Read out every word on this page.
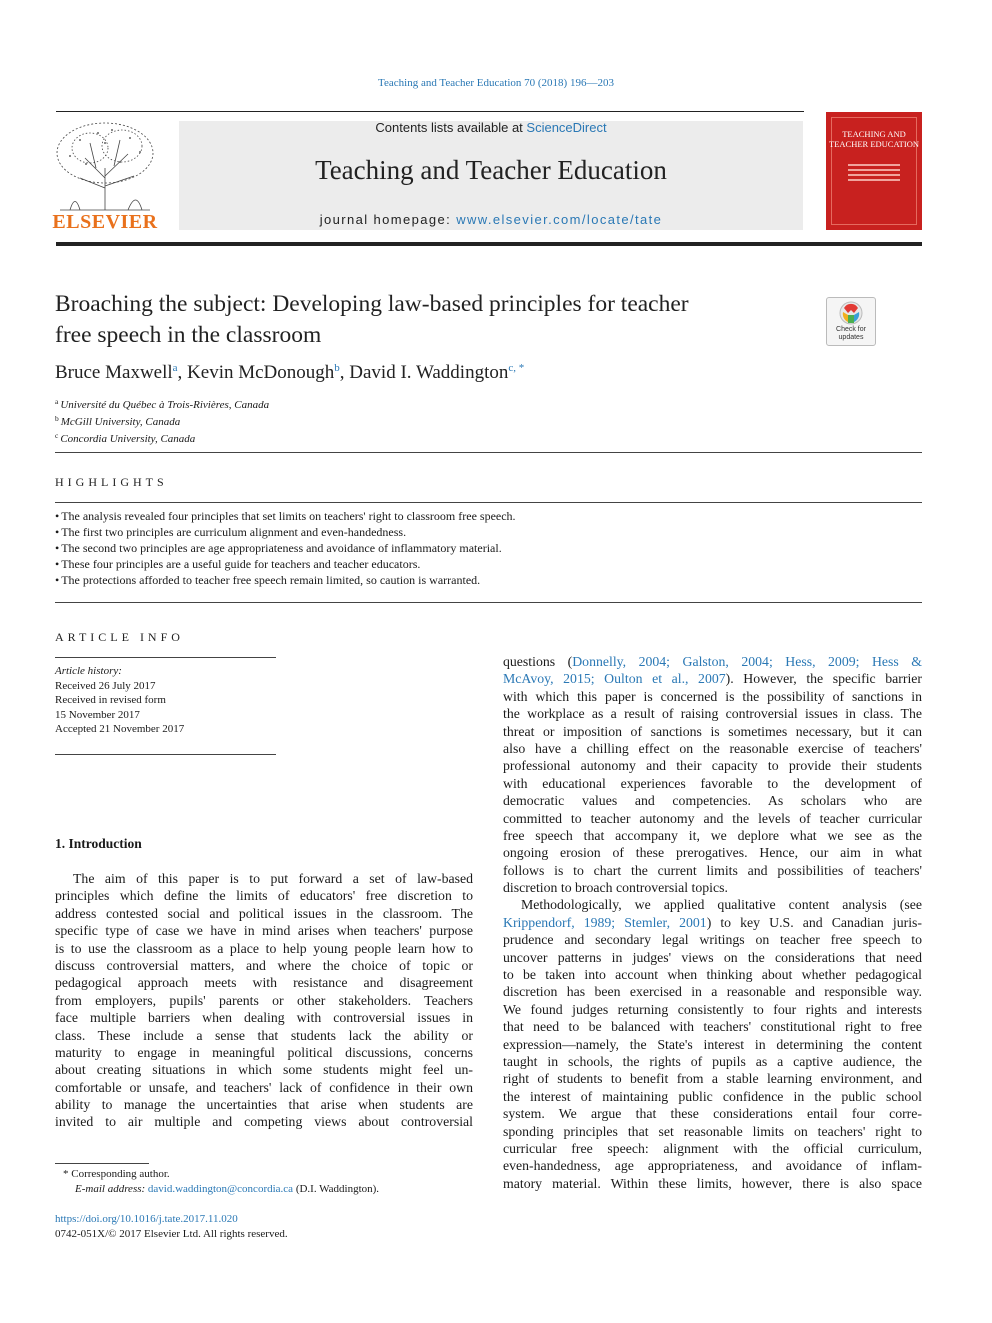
Teaching and Teacher Education 70 (2018) 196—203
ELSEVIER
Contents lists available at ScienceDirect
Teaching and Teacher Education
journal homepage: www.elsevier.com/locate/tate
TEACHING AND TEACHER EDUCATION
Broaching the subject: Developing law-based principles for teacher
free speech in the classroom	Check for updates
Bruce Maxwell$^a$, Kevin McDonough$^b$, David I. Waddington$^{c, *}$
$^a$ Université du Québec à Trois-Rivières, Canada
$^b$ McGill University, Canada
$^c$ Concordia University, Canada
HIGHLIGHTS
• The analysis revealed four principles that set limits on teachers' right to classroom free speech.
• The first two principles are curriculum alignment and even-handedness.
• The second two principles are age appropriateness and avoidance of inflammatory material.
• These four principles are a useful guide for teachers and teacher educators.
• The protections afforded to teacher free speech remain limited, so caution is warranted.
ARTICLE INFO
Article history:
Received 26 July 2017
Received in revised form
15 November 2017
Accepted 21 November 2017
1. Introduction
The aim of this paper is to put forward a set of law-based
principles which define the limits of educators' free discretion to
address contested social and political issues in the classroom. The
specific type of case we have in mind arises when teachers' purpose
is to use the classroom as a place to help young people learn how to
discuss controversial matters, and where the choice of topic or
pedagogical approach meets with resistance and disagreement
from employers, pupils' parents or other stakeholders. Teachers
face multiple barriers when dealing with controversial issues in
class. These include a sense that students lack the ability or
maturity to engage in meaningful political discussions, concerns
about creating situations in which some students might feel un-
comfortable or unsafe, and teachers' lack of confidence in their own
ability to manage the uncertainties that arise when students are
invited to air multiple and competing views about controversial
questions (Donnelly, 2004; Galston, 2004; Hess, 2009; Hess &
McAvoy, 2015; Oulton et al., 2007). However, the specific barrier
with which this paper is concerned is the possibility of sanctions in
the workplace as a result of raising controversial issues in class. The
threat or imposition of sanctions is sometimes necessary, but it can
also have a chilling effect on the reasonable exercise of teachers'
professional autonomy and their capacity to provide their students
with educational experiences favorable to the development of
democratic values and competencies. As scholars who are
committed to teacher autonomy and the levels of teacher curricular
free speech that accompany it, we deplore what we see as the
ongoing erosion of these prerogatives. Hence, our aim in what
follows is to chart the current limits and possibilities of teachers'
discretion to broach controversial topics.
Methodologically, we applied qualitative content analysis (see
Krippendorf, 1989; Stemler, 2001) to key U.S. and Canadian juris-
prudence and secondary legal writings on teacher free speech to
uncover patterns in judges' views on the considerations that need
to be taken into account when thinking about whether pedagogical
discretion has been exercised in a reasonable and responsible way.
We found judges returning consistently to four rights and interests
that need to be balanced with teachers' constitutional right to free
expression—namely, the State's interest in determining the content
taught in schools, the rights of pupils as a captive audience, the
right of students to benefit from a stable learning environment, and
the interest of maintaining public confidence in the public school
system. We argue that these considerations entail four corre-
sponding principles that set reasonable limits on teachers' right to
curricular free speech: alignment with the official curriculum,
even-handedness, age appropriateness, and avoidance of inflam-
matory material. Within these limits, however, there is also space
* Corresponding author.
E-mail address: david.waddington@concordia.ca (D.I. Waddington).
https://doi.org/10.1016/j.tate.2017.11.020
0742-051X/© 2017 Elsevier Ltd. All rights reserved.
